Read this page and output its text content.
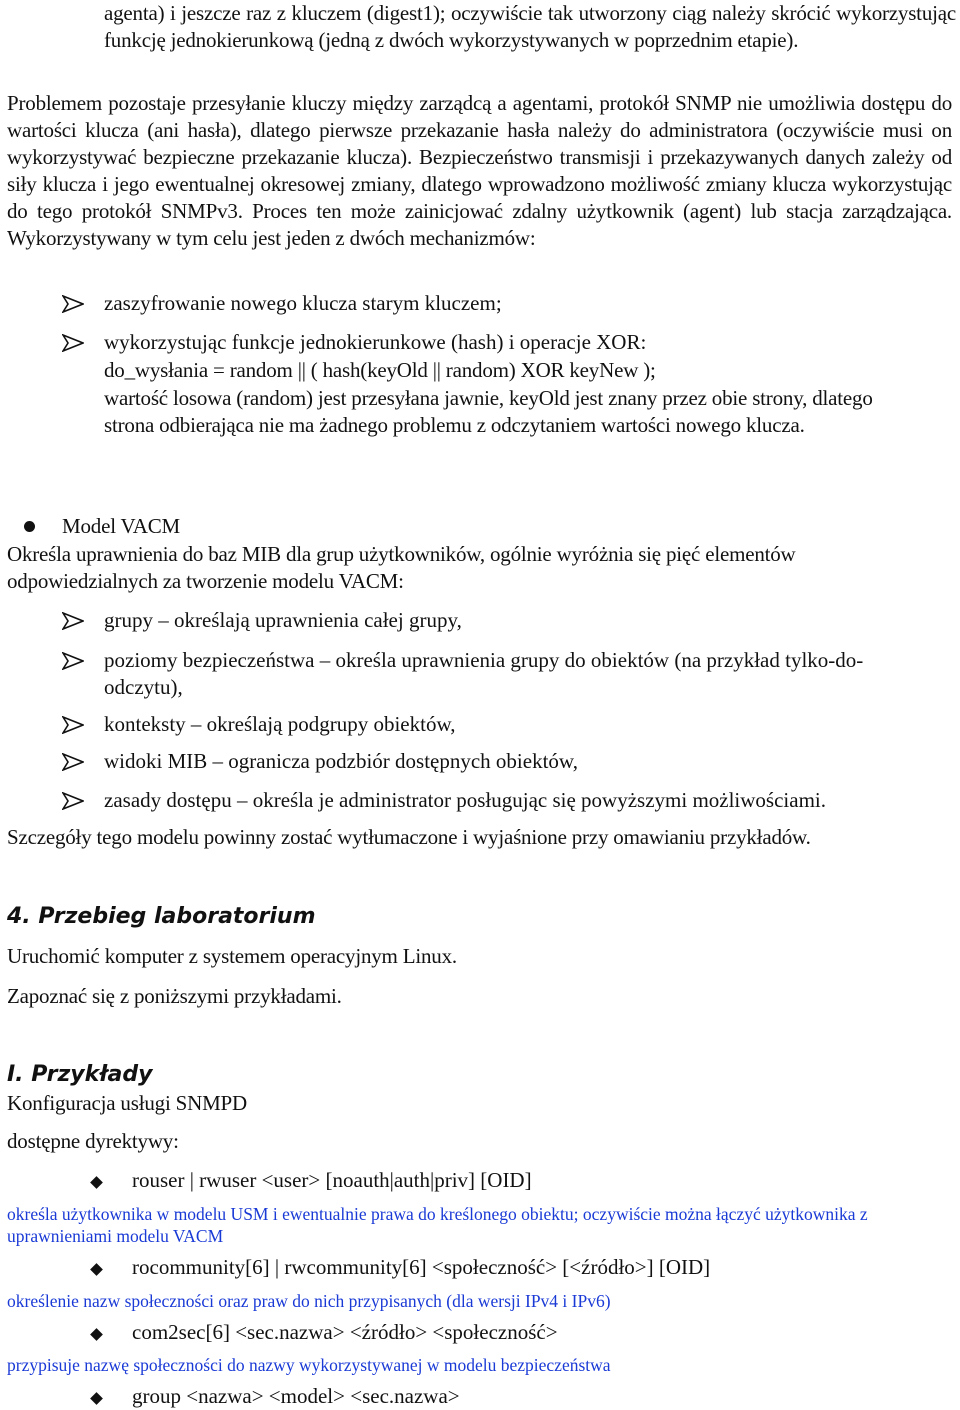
agenta) i jeszcze raz z kluczem (digest1); oczywiście tak utworzony ciąg należy skrócić wykorzystując funkcję jednokierunkową (jedną z dwóch wykorzystywanych w poprzednim etapie).
Problemem pozostaje przesyłanie kluczy między zarządcą a agentami, protokół SNMP nie umożliwia dostępu do wartości klucza (ani hasła), dlatego pierwsze przekazanie hasła należy do administratora (oczywiście musi on wykorzystywać bezpieczne przekazanie klucza). Bezpieczeństwo transmisji i przekazywanych danych zależy od siły klucza i jego ewentualnej okresowej zmiany, dlatego wprowadzono możliwość zmiany klucza wykorzystując do tego protokół SNMPv3. Proces ten może zainicjować zdalny użytkownik (agent) lub stacja zarządzająca. Wykorzystywany w tym celu jest jeden z dwóch mechanizmów:
zaszyfrowanie nowego klucza starym kluczem;
wykorzystując funkcje jednokierunkowe (hash) i operacje XOR:
do_wysłania = random || ( hash(keyOld || random) XOR keyNew );
wartość losowa (random) jest przesyłana jawnie, keyOld jest znany przez obie strony, dlatego strona odbierająca nie ma żadnego problemu z odczytaniem wartości nowego klucza.
Model VACM
Określa uprawnienia do baz MIB dla grup użytkowników, ogólnie wyróżnia się pięć elementów odpowiedzialnych za tworzenie modelu VACM:
grupy – określają uprawnienia całej grupy,
poziomy bezpieczeństwa – określa uprawnienia grupy do obiektów (na przykład tylko-do-odczytu),
konteksty – określają podgrupy obiektów,
widoki MIB – ogranicza podzbiór dostępnych obiektów,
zasady dostępu – określa je administrator posługując się powyższymi możliwościami.
Szczegóły tego modelu powinny zostać wytłumaczone i wyjaśnione przy omawianiu przykładów.
4. Przebieg laboratorium
Uruchomić komputer z systemem operacyjnym Linux.
Zapoznać się z poniższymi przykładami.
I. Przykłady
Konfiguracja usługi SNMPD
dostępne dyrektywy:
rouser | rwuser <user> [noauth|auth|priv] [OID]
określa użytkownika w modelu USM i ewentualnie prawa do kreślonego obiektu; oczywiście można łączyć użytkownika z uprawnieniami modelu VACM
rocommunity[6] | rwcommunity[6] <społeczność> [<źródło>] [OID]
określenie nazw społeczności oraz praw do nich przypisanych (dla wersji IPv4 i IPv6)
com2sec[6] <sec.nazwa> <źródło> <społeczność>
przypisuje nazwę społeczności do nazwy wykorzystywanej w modelu bezpieczeństwa
group <nazwa> <model> <sec.nazwa>
